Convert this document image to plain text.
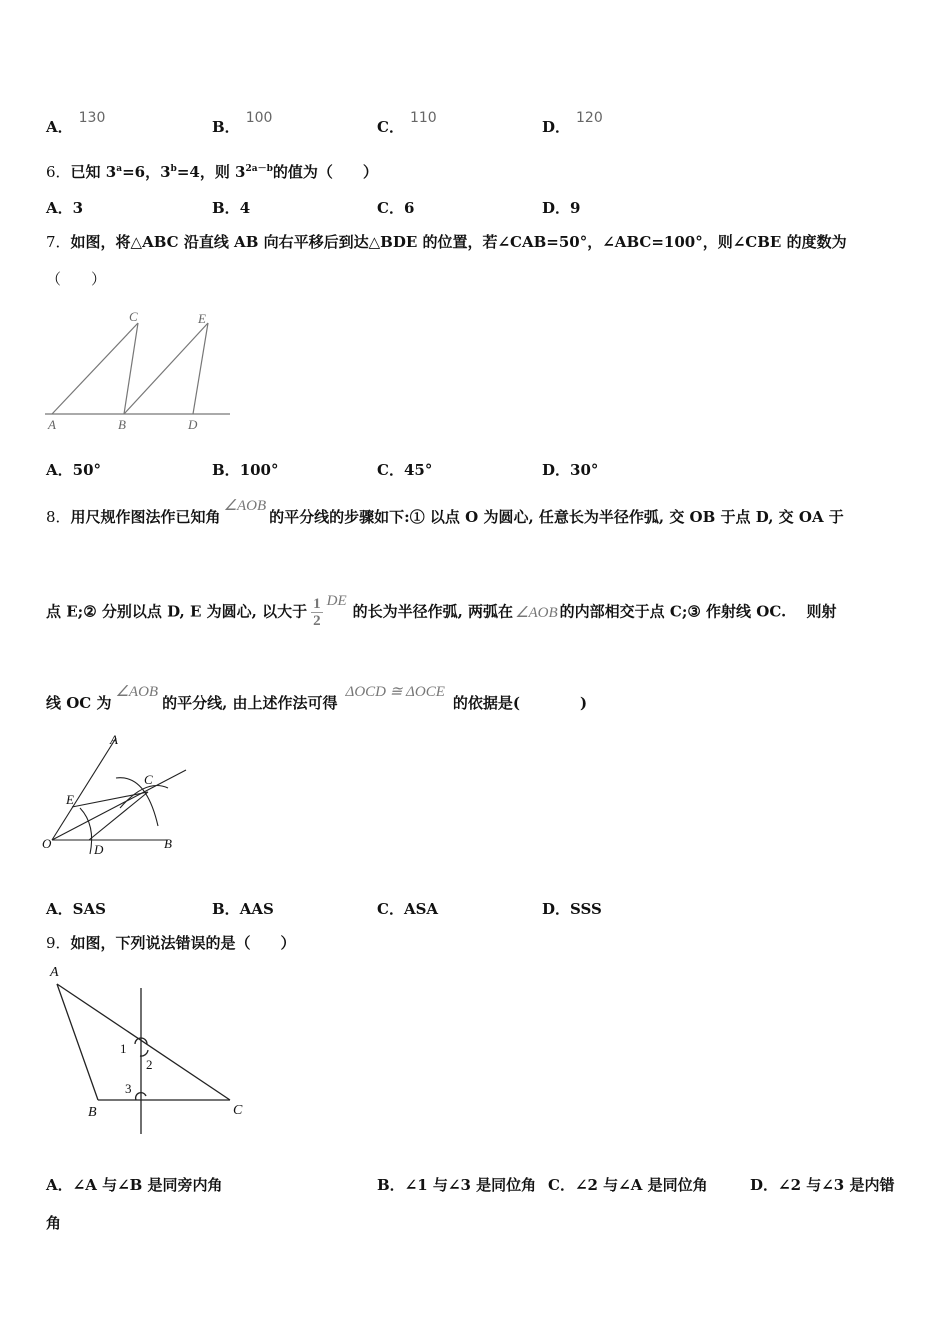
A． 130	B． 100	C． 110	D． 120
6．已知 $3^a=6$，$3^b=4$，则 $3^{2a-b}$的值为（　　）
A．3	B．4	C．6	D．9
7．如图，将△ABC 沿直线 AB 向右平移后到达△BDE 的位置，若∠CAB=50°，∠ABC=100°，则∠CBE 的度数为
（　　）
A	B
C
D
E
A．50°	B．100°	C．45°	D．30°
8．用尺规作图法作已知角∠AOB的平分线的步骤如下:① 以点 O 为圆心, 任意长为半径作弧, 交 OB 于点 D, 交 OA 于
点 E;② 分别以点 D, E 为圆心, 以大于 $\frac{1}{2}$ DE的长为半径作弧, 两弧在 ∠AOB 的内部相交于点 C;③ 作射线 OC.　 则射
线 OC 为∠AOB的平分线, 由上述作法可得ΔOCD ≅ ΔOCE的依据是(　　　　)
A
C
E
O	D	B
A．SAS	B．AAS	C．ASA	D．SSS
9．如图，下列说法错误的是（　　）
A
B	C
1
2
3
A．∠A 与∠B 是同旁内角	B．∠1 与∠3 是同位角 C．∠2 与∠A 是同位角	D．∠2 与∠3 是内错
角
